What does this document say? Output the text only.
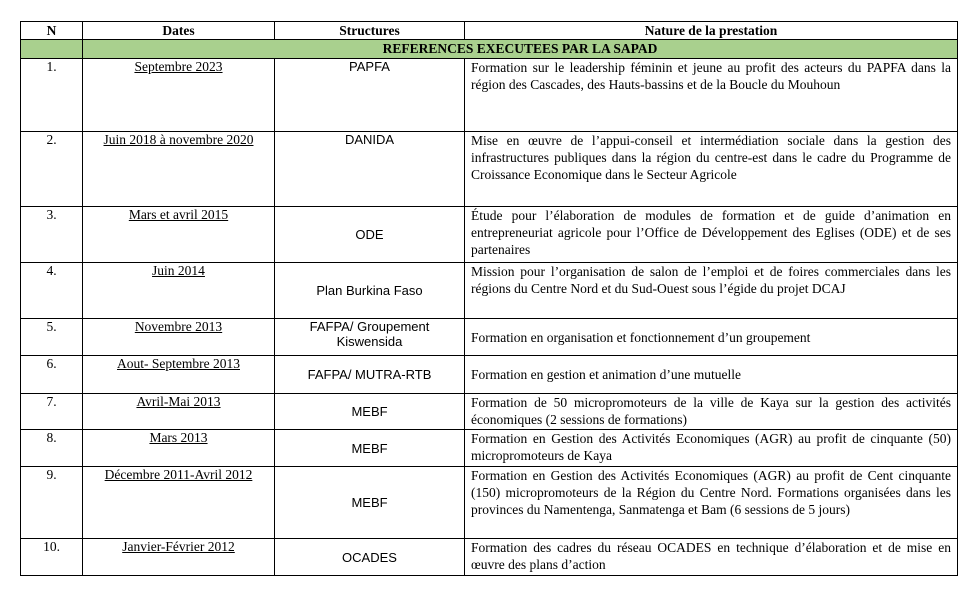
N	Dates	Structures	Nature de la prestation
	REFERENCES EXECUTEES PAR LA SAPAD		
1.	Septembre 2023	PAPFA	Formation sur le leadership féminin et jeune au profit des acteurs du PAPFA dans la région des Cascades, des Hauts-bassins et de la Boucle du Mouhoun
2.	Juin 2018 à novembre 2020	DANIDA	Mise en œuvre de l’appui-conseil et intermédiation sociale dans la gestion des infrastructures publiques dans la région du centre-est dans le cadre du Programme de Croissance Economique dans le Secteur Agricole
3.	Mars et avril 2015	ODE	Étude pour l’élaboration de modules de formation et de guide d’animation en entrepreneuriat agricole pour l’Office de Développement des Eglises (ODE) et de ses partenaires
4.	Juin 2014	Plan Burkina Faso	Mission pour l’organisation de salon de l’emploi et de foires commerciales dans les régions du Centre Nord et du Sud-Ouest sous l’égide du projet DCAJ
5.	Novembre 2013	FAFPA/ Groupement Kiswensida	Formation en organisation et fonctionnement d’un groupement
6.	Aout- Septembre 2013	FAFPA/ MUTRA-RTB	Formation en gestion et animation d’une mutuelle
7.	Avril-Mai 2013	MEBF	Formation de 50 micropromoteurs de la ville de Kaya sur la gestion des activités économiques (2 sessions de formations)
8.	Mars 2013	MEBF	Formation en Gestion des Activités Economiques (AGR) au profit de cinquante (50) micropromoteurs de Kaya
9.	Décembre 2011-Avril 2012	MEBF	Formation en Gestion des Activités Economiques (AGR) au profit de Cent cinquante (150) micropromoteurs de la Région du Centre Nord. Formations organisées dans les provinces du Namentenga, Sanmatenga et Bam (6 sessions de 5 jours)
10.	Janvier-Février 2012	OCADES	Formation des cadres du réseau OCADES en technique d’élaboration et de mise en œuvre des plans d’action
